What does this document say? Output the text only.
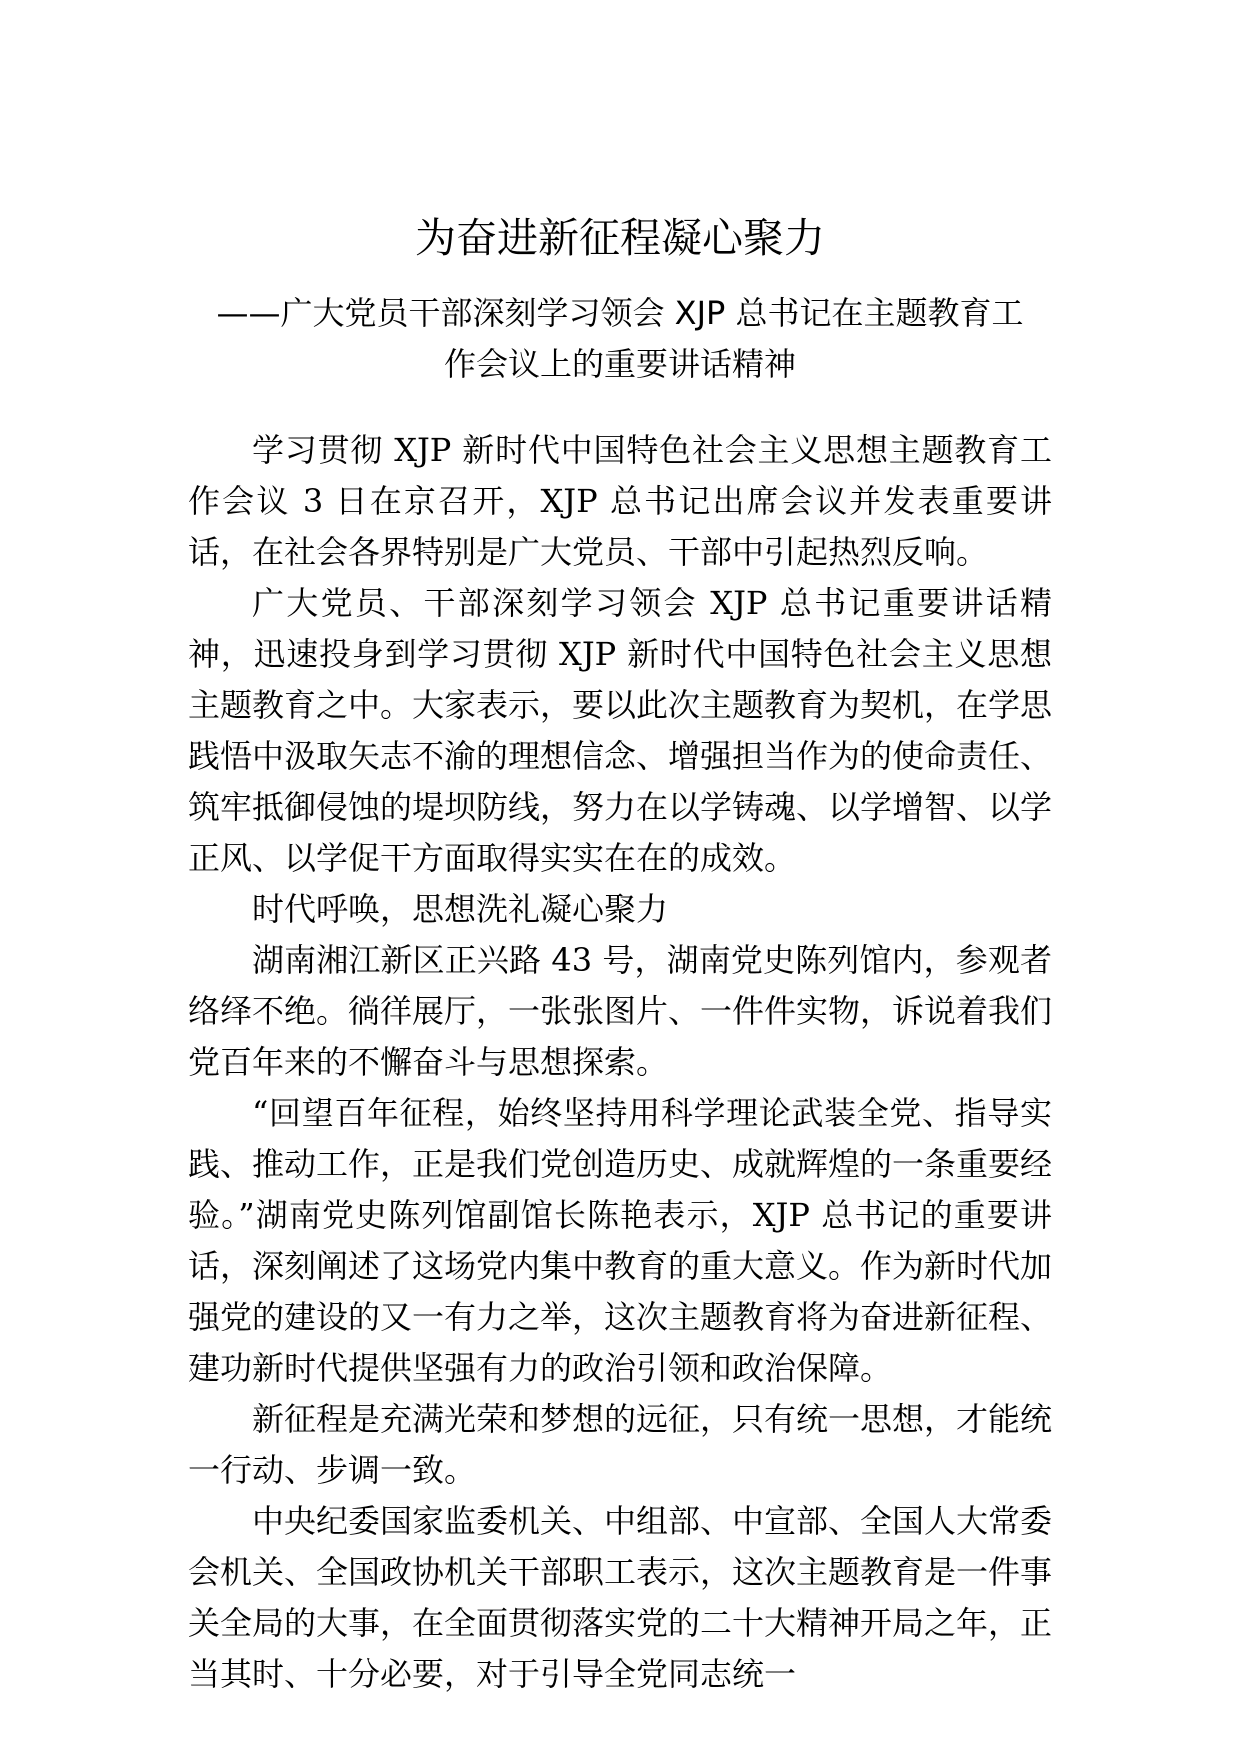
为奋进新征程凝心聚力
——广大党员干部深刻学习领会 XJP 总书记在主题教育工
作会议上的重要讲话精神

学习贯彻 XJP 新时代中国特色社会主义思想主题教育工作会议 3 日在京召开，XJP 总书记出席会议并发表重要讲话，在社会各界特别是广大党员、干部中引起热烈反响。

广大党员、干部深刻学习领会 XJP 总书记重要讲话精神，迅速投身到学习贯彻 XJP 新时代中国特色社会主义思想主题教育之中。大家表示，要以此次主题教育为契机，在学思践悟中汲取矢志不渝的理想信念、增强担当作为的使命责任、筑牢抵御侵蚀的堤坝防线，努力在以学铸魂、以学增智、以学正风、以学促干方面取得实实在在的成效。

时代呼唤，思想洗礼凝心聚力

湖南湘江新区正兴路 43 号，湖南党史陈列馆内，参观者络绎不绝。徜徉展厅，一张张图片、一件件实物，诉说着我们党百年来的不懈奋斗与思想探索。

“回望百年征程，始终坚持用科学理论武装全党、指导实践、推动工作，正是我们党创造历史、成就辉煌的一条重要经验。”湖南党史陈列馆副馆长陈艳表示，XJP 总书记的重要讲话，深刻阐述了这场党内集中教育的重大意义。作为新时代加强党的建设的又一有力之举，这次主题教育将为奋进新征程、建功新时代提供坚强有力的政治引领和政治保障。

新征程是充满光荣和梦想的远征，只有统一思想，才能统一行动、步调一致。

中央纪委国家监委机关、中组部、中宣部、全国人大常委会机关、全国政协机关干部职工表示，这次主题教育是一件事关全局的大事，在全面贯彻落实党的二十大精神开局之年，正当其时、十分必要，对于引导全党同志统一
